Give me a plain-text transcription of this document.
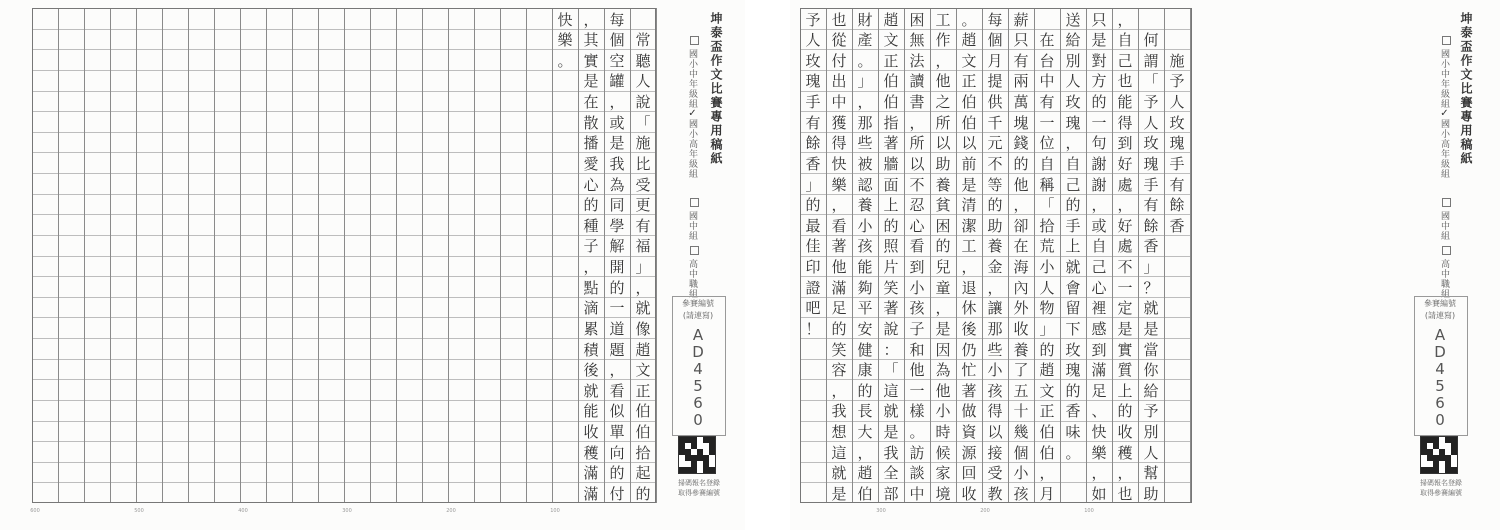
常
聽
人
說
「
施
比
受
更
有
福
」
，
就
像
趙
文
正
伯
伯
拾
起
的
每
個
空
罐
，
或
是
我
為
同
學
解
開
的
一
道
題
，
看
似
單
向
的
付
，
其
實
是
在
散
播
愛
心
的
種
子
，
點
滴
累
積
後
就
能
收
穫
滿
滿
快
樂
。	坤泰盃作文比賽專用稿紙
國小中年級組
✓國小高年級組
國中組
高中職組
參賽編號
(請連寫)
A
D
4
5
6
0
掃碼報名登錄
取得參賽編號
100
200
300
400
500
600

施
予
人
玫
瑰
手
有
餘
香

何
謂
「
予
人
玫
瑰
手
有
餘
香
」
？
就
是
當
你
給
予
別
人
幫
助
，
自
己
也
能
得
到
好
處
，
好
處
不
一
定
是
實
質
上
的
收
穫
，
也
只
是
對
方
的
一
句
謝
謝
，
或
自
己
心
裡
感
到
滿
足
、
快
樂
，
如
送
給
別
人
玫
瑰
，
自
己
的
手
上
就
會
留
下
玫
瑰
的
香
味
。

在
台
中
有
一
位
自
稱
「
拾
荒
小
人
物
」
的
趙
文
正
伯
伯
，
月
薪
只
有
兩
萬
塊
錢
的
他
，
卻
在
海
內
外
收
養
了
五
十
幾
個
小
孩
每
個
月
提
供
千
元
不
等
的
助
養
金
，
讓
那
些
小
孩
得
以
接
受
教
。
趙
文
正
伯
伯
以
前
是
清
潔
工
，
退
休
後
仍
忙
著
做
資
源
回
收
工
作
，
他
之
所
以
助
養
貧
困
的
兒
童
，
是
因
為
他
小
時
候
家
境
困
無
法
讀
書
，
所
以
不
忍
心
看
到
小
孩
子
和
他
一
樣
。
訪
談
中
趙
文
正
伯
伯
指
著
牆
面
上
的
照
片
笑
著
說
：
「
這
就
是
我
全
部
財
產
。
」
，
那
些
被
認
養
小
孩
能
夠
平
安
健
康
的
長
大
，
趙
伯
也
從
付
出
中
獲
得
快
樂
，
看
著
他
滿
足
的
笑
容
，
我
想
這
就
是
予
人
玫
瑰
手
有
餘
香
」
的
最
佳
印
證
吧
！
坤泰盃作文比賽專用稿紙
國小中年級組
✓國小高年級組
國中組
高中職組
參賽編號
(請連寫)
A
D
4
5
6
0
掃碼報名登錄
取得參賽編號
100
200
300
